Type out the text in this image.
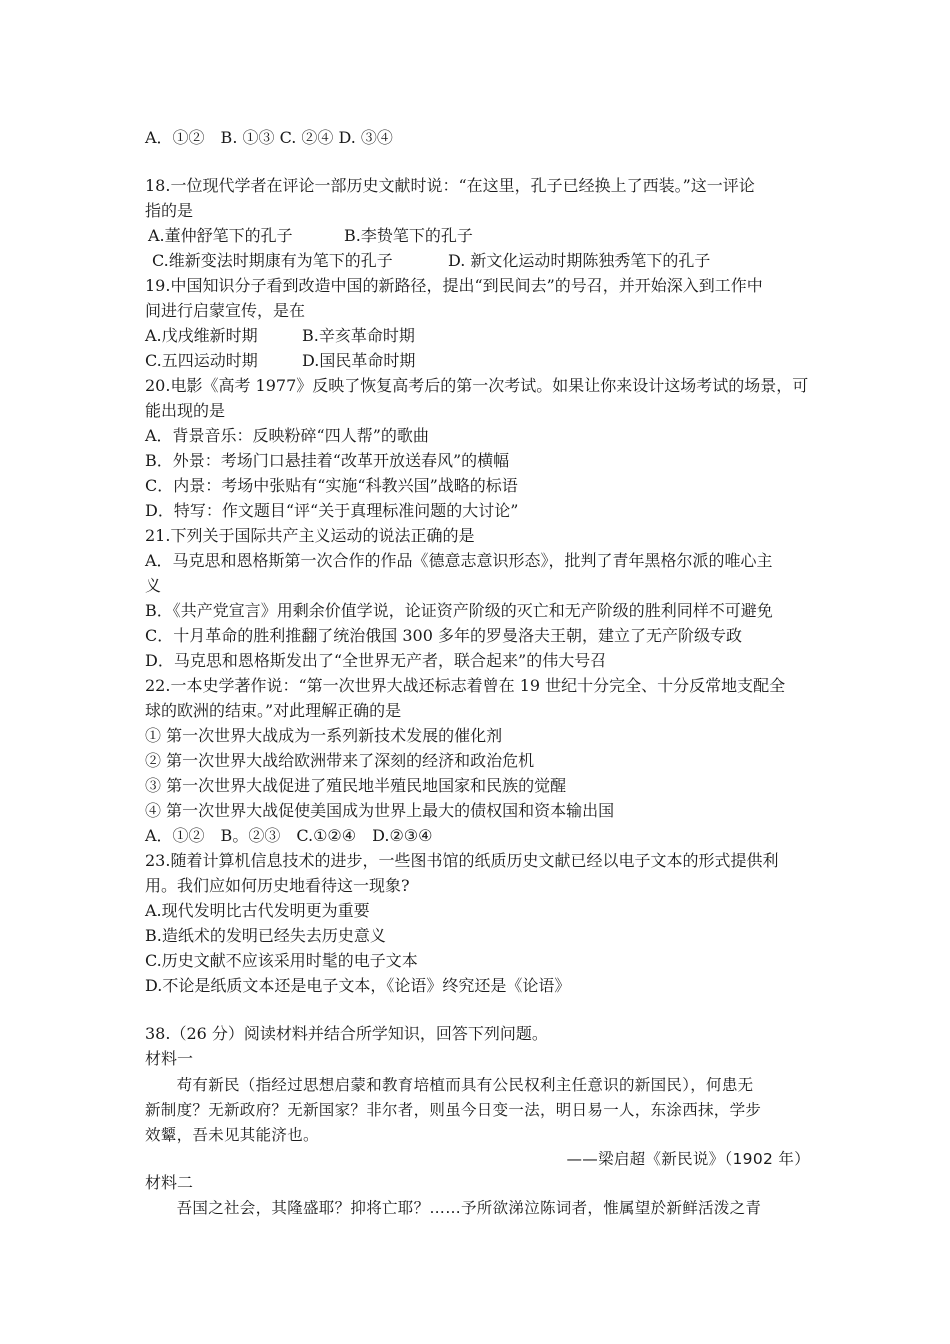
A．①②　B. ①③ C. ②④ D. ③④
18.一位现代学者在评论一部历史文献时说：“在这里，孔子已经换上了西装。”这一评论
指的是
A.董仲舒笔下的孔子	B.李贽笔下的孔子
C.维新变法时期康有为笔下的孔子	D. 新文化运动时期陈独秀笔下的孔子
19.中国知识分子看到改造中国的新路径，提出“到民间去”的号召，并开始深入到工作中
间进行启蒙宣传，是在
A.戊戌维新时期	B.辛亥革命时期
C.五四运动时期	D.国民革命时期
20.电影《高考 1977》反映了恢复高考后的第一次考试。如果让你来设计这场考试的场景，可
能出现的是
A．背景音乐：反映粉碎“四人帮”的歌曲
B．外景：考场门口悬挂着“改革开放送春风”的横幅
C．内景：考场中张贴有“实施“科教兴国”战略的标语
D．特写：作文题目“评“关于真理标准问题的大讨论”
21.下列关于国际共产主义运动的说法正确的是
A．马克思和恩格斯第一次合作的作品《德意志意识形态》，批判了青年黑格尔派的唯心主
义
B．《共产党宣言》用剩余价值学说，论证资产阶级的灭亡和无产阶级的胜利同样不可避免
C．十月革命的胜利推翻了统治俄国 300 多年的罗曼洛夫王朝，建立了无产阶级专政
D．马克思和恩格斯发出了“全世界无产者，联合起来”的伟大号召
22.一本史学著作说：“第一次世界大战还标志着曾在 19 世纪十分完全、十分反常地支配全
球的欧洲的结束。”对此理解正确的是
① 第一次世界大战成为一系列新技术发展的催化剂
② 第一次世界大战给欧洲带来了深刻的经济和政治危机
③ 第一次世界大战促进了殖民地半殖民地国家和民族的觉醒
④ 第一次世界大战促使美国成为世界上最大的债权国和资本输出国
A．①②　B。②③　C.①②④　D.②③④
23.随着计算机信息技术的进步，一些图书馆的纸质历史文献已经以电子文本的形式提供利
用。我们应如何历史地看待这一现象?
A.现代发明比古代发明更为重要
B.造纸术的发明已经失去历史意义
C.历史文献不应该采用时髦的电子文本
D.不论是纸质文本还是电子文本，《论语》终究还是《论语》
38.（26 分）阅读材料并结合所学知识，回答下列问题。
材料一
　　苟有新民（指经过思想启蒙和教育培植而具有公民权利主任意识的新国民），何患无
新制度？无新政府？无新国家？非尔者，则虽今日变一法，明日易一人，东涂西抹，学步
效颦，吾未见其能济也。
——梁启超《新民说》（1902 年）
材料二
　　吾国之社会，其隆盛耶？抑将亡耶？……予所欲涕泣陈词者，惟属望於新鲜活泼之青
